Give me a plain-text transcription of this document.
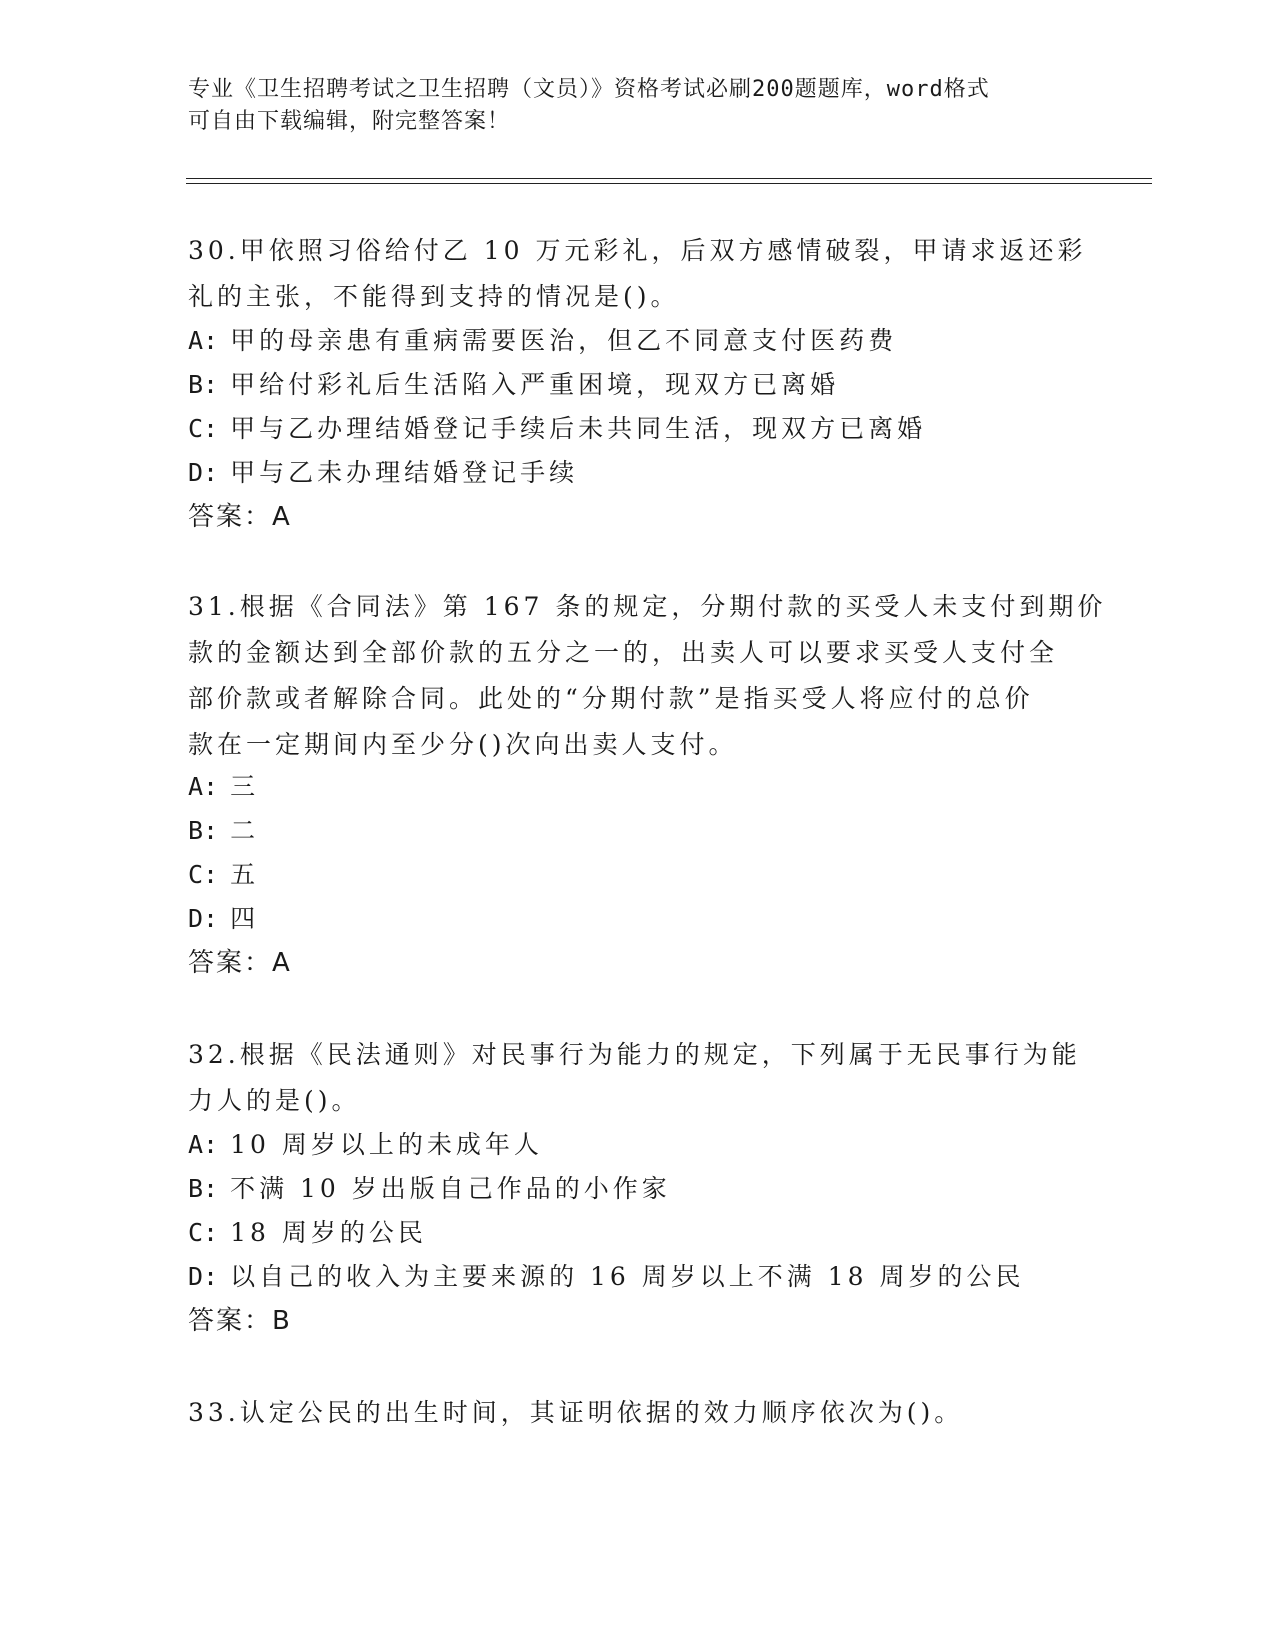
专业《卫生招聘考试之卫生招聘（文员）》资格考试必刷200题题库，word格式
可自由下载编辑，附完整答案！
30.甲依照习俗给付乙 10 万元彩礼，后双方感情破裂，甲请求返还彩
礼的主张，不能得到支持的情况是()。
A: 甲的母亲患有重病需要医治，但乙不同意支付医药费
B: 甲给付彩礼后生活陷入严重困境，现双方已离婚
C: 甲与乙办理结婚登记手续后未共同生活，现双方已离婚
D: 甲与乙未办理结婚登记手续
答案：A
31.根据《合同法》第 167 条的规定，分期付款的买受人未支付到期价
款的金额达到全部价款的五分之一的，出卖人可以要求买受人支付全
部价款或者解除合同。此处的“分期付款”是指买受人将应付的总价
款在一定期间内至少分()次向出卖人支付。
A: 三
B: 二
C: 五
D: 四
答案：A
32.根据《民法通则》对民事行为能力的规定，下列属于无民事行为能
力人的是()。
A: 10 周岁以上的未成年人
B: 不满 10 岁出版自己作品的小作家
C: 18 周岁的公民
D: 以自己的收入为主要来源的 16 周岁以上不满 18 周岁的公民
答案：B
33.认定公民的出生时间，其证明依据的效力顺序依次为()。
